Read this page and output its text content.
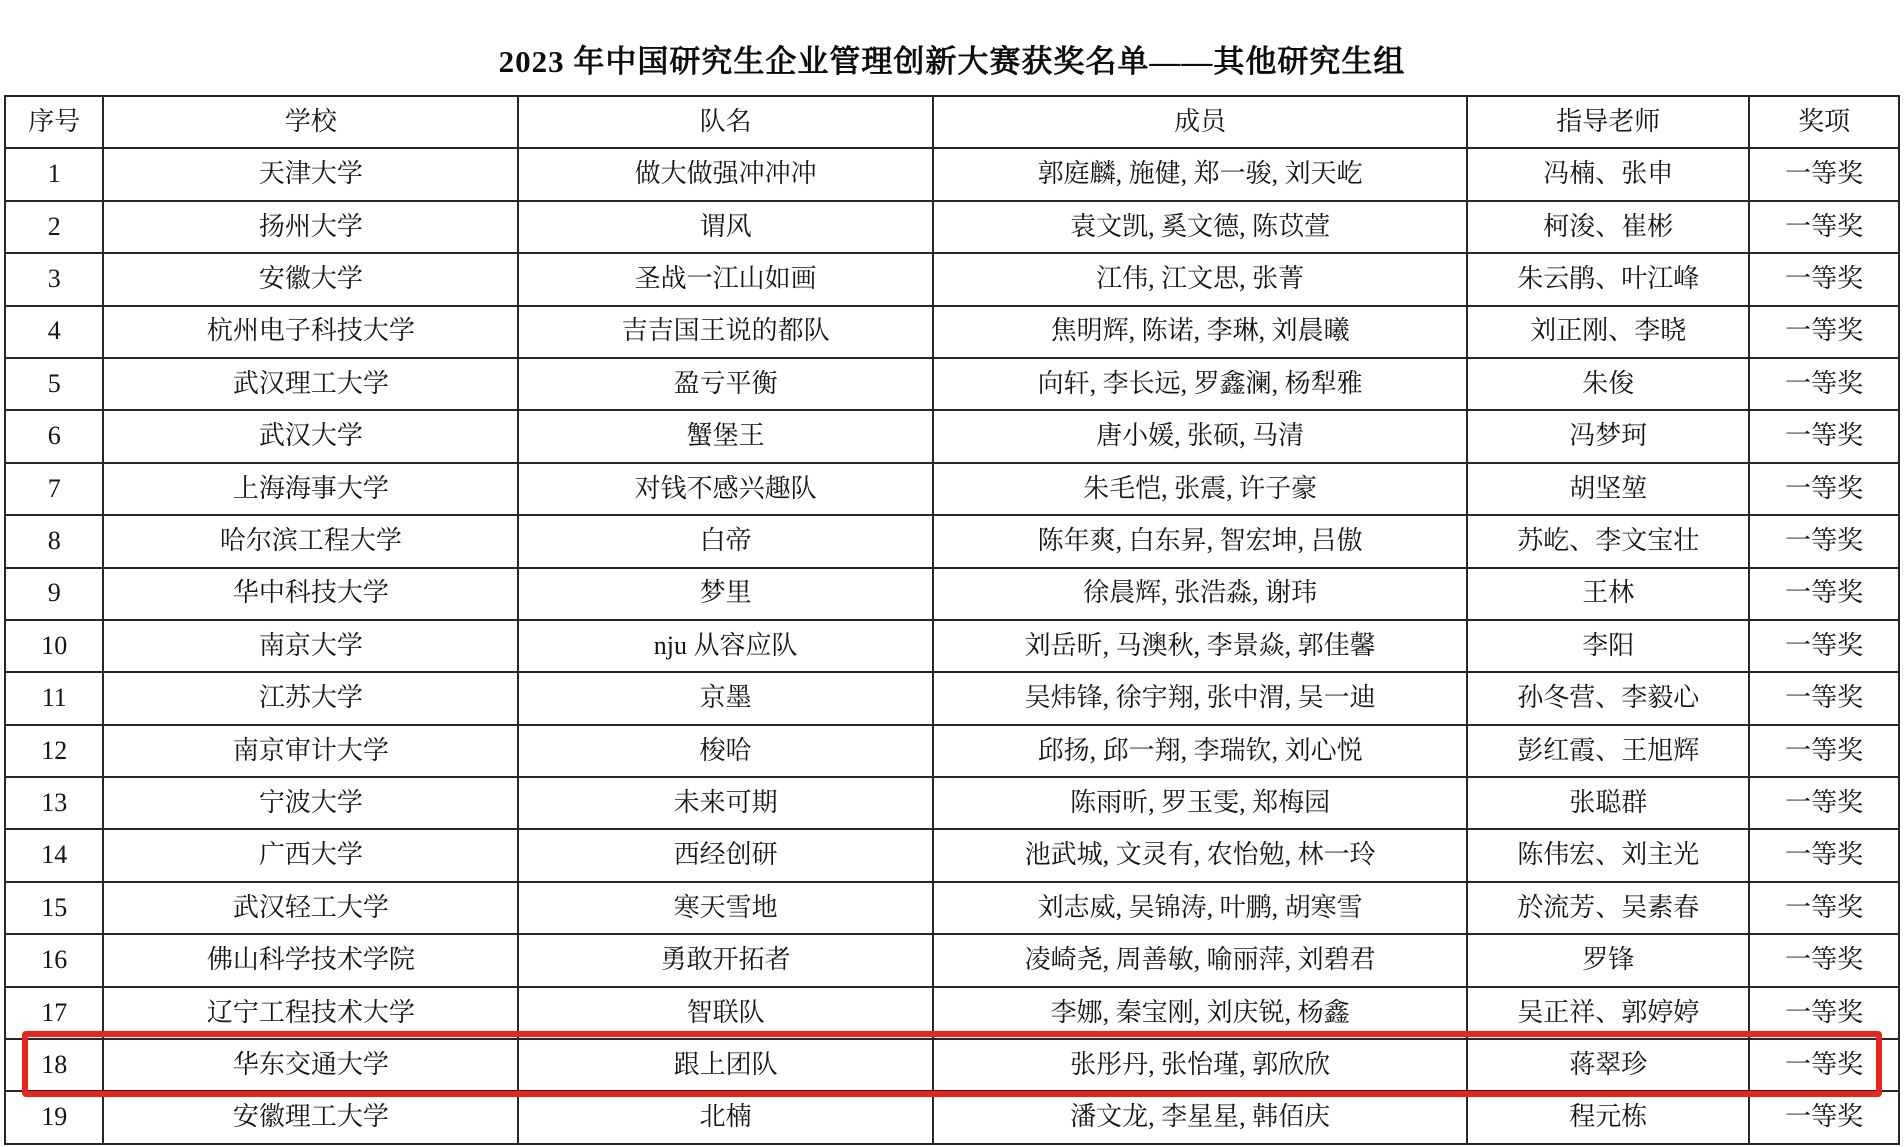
2023 年中国研究生企业管理创新大赛获奖名单——其他研究生组
序号	学校	队名	成员	指导老师	奖项
1	天津大学	做大做强冲冲冲	郭庭麟, 施健, 郑一骏, 刘天屹	冯楠、张申	一等奖
2	扬州大学	谓风	袁文凯, 奚文德, 陈苡萱	柯浚、崔彬	一等奖
3	安徽大学	圣战一江山如画	江伟, 江文思, 张菁	朱云鹃、叶江峰	一等奖
4	杭州电子科技大学	吉吉国王说的都队	焦明辉, 陈诺, 李琳, 刘晨曦	刘正刚、李晓	一等奖
5	武汉理工大学	盈亏平衡	向轩, 李长远, 罗鑫澜, 杨犁雅	朱俊	一等奖
6	武汉大学	蟹堡王	唐小媛, 张硕, 马清	冯梦珂	一等奖
7	上海海事大学	对钱不感兴趣队	朱毛恺, 张震, 许子豪	胡坚堃	一等奖
8	哈尔滨工程大学	白帝	陈年爽, 白东昇, 智宏坤, 吕傲	苏屹、李文宝壮	一等奖
9	华中科技大学	梦里	徐晨辉, 张浩淼, 谢玮	王林	一等奖
10	南京大学	nju 从容应队	刘岳昕, 马澳秋, 李景焱, 郭佳馨	李阳	一等奖
11	江苏大学	京墨	吴炜锋, 徐宇翔, 张中渭, 吴一迪	孙冬营、李毅心	一等奖
12	南京审计大学	梭哈	邱扬, 邱一翔, 李瑞钦, 刘心悦	彭红霞、王旭辉	一等奖
13	宁波大学	未来可期	陈雨昕, 罗玉雯, 郑梅园	张聪群	一等奖
14	广西大学	西经创研	池武城, 文灵有, 农怡勉, 林一玲	陈伟宏、刘主光	一等奖
15	武汉轻工大学	寒天雪地	刘志威, 吴锦涛, 叶鹏, 胡寒雪	於流芳、吴素春	一等奖
16	佛山科学技术学院	勇敢开拓者	凌崎尧, 周善敏, 喻丽萍, 刘碧君	罗锋	一等奖
17	辽宁工程技术大学	智联队	李娜, 秦宝刚, 刘庆锐, 杨鑫	吴正祥、郭婷婷	一等奖
18	华东交通大学	跟上团队	张彤丹, 张怡瑾, 郭欣欣	蒋翠珍	一等奖
19	安徽理工大学	北楠	潘文龙, 李星星, 韩佰庆	程元栋	一等奖
